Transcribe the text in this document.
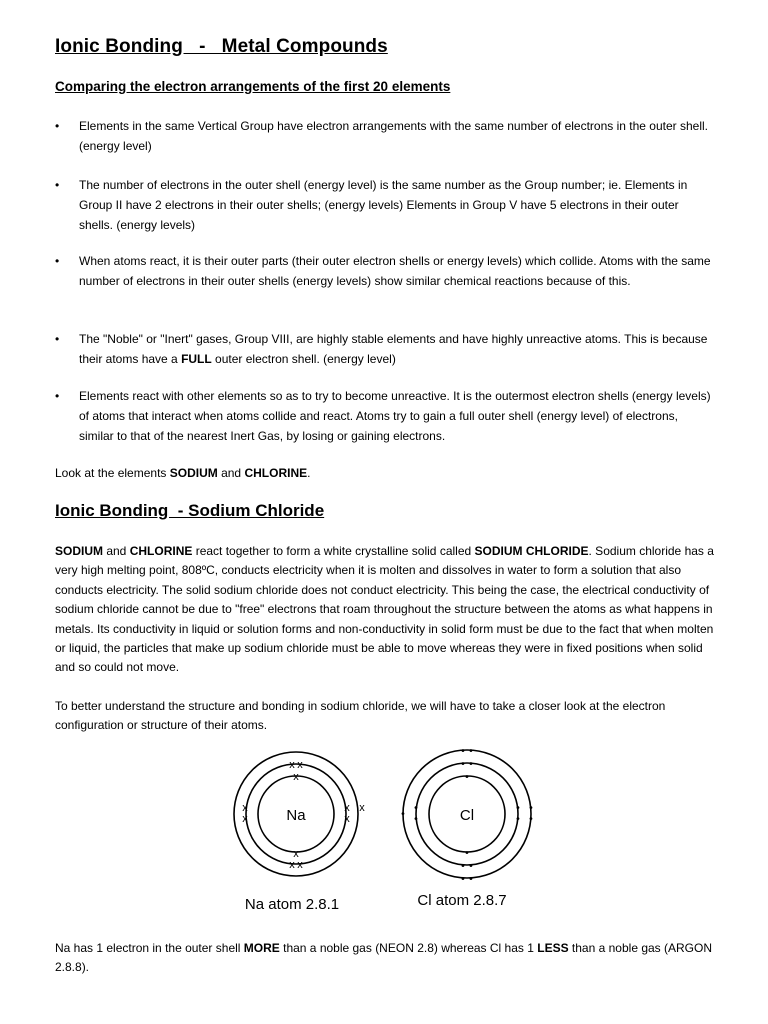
Ionic Bonding   -   Metal Compounds
Comparing the electron arrangements of the first 20 elements
• Elements in the same Vertical Group have electron arrangements with the same number of electrons in the outer shell. (energy level)
• The number of electrons in the outer shell (energy level) is the same number as the Group number; ie. Elements in Group II have 2 electrons in their outer shells; (energy levels) Elements in Group V have 5 electrons in their outer shells. (energy levels)
• When atoms react, it is their outer parts (their outer electron shells or energy levels) which collide. Atoms with the same number of electrons in their outer shells (energy levels) show similar chemical reactions because of this.
• The "Noble" or "Inert" gases, Group VIII, are highly stable elements and have highly unreactive atoms. This is because their atoms have a FULL outer electron shell. (energy level)
• Elements react with other elements so as to try to become unreactive. It is the outermost electron shells (energy levels) of atoms that interact when atoms collide and react. Atoms try to gain a full outer shell (energy level) of electrons, similar to that of the nearest Inert Gas, by losing or gaining electrons.

Look at the elements SODIUM and CHLORINE.

Ionic Bonding  - Sodium Chloride

SODIUM and CHLORINE react together to form a white crystalline solid called SODIUM CHLORIDE. Sodium chloride has a very high melting point, 808ºC, conducts electricity when it is molten and dissolves in water to form a solution that also conducts electricity. The solid sodium chloride does not conduct electricity. This being the case, the electrical conductivity of sodium chloride cannot be due to "free" electrons that roam throughout the structure between the atoms as what happens in metals. Its conductivity in liquid or solution forms and non-conductivity in solid form must be due to the fact that when molten or liquid, the particles that make up sodium chloride must be able to move whereas they were in fixed positions when solid and so could not move.

To better understand the structure and bonding in sodium chloride, we will have to take a closer look at the electron configuration or structure of their atoms.

Na
x
x
x x
x x
x
x
x
x
x	Cl
•
•
• •
• •
•
•
•
•
• •
• •
•
•
•
Na atom 2.8.1	Cl atom 2.8.7

Na has 1 electron in the outer shell MORE than a noble gas (NEON 2.8) whereas Cl has 1 LESS than a noble gas (ARGON 2.8.8).
